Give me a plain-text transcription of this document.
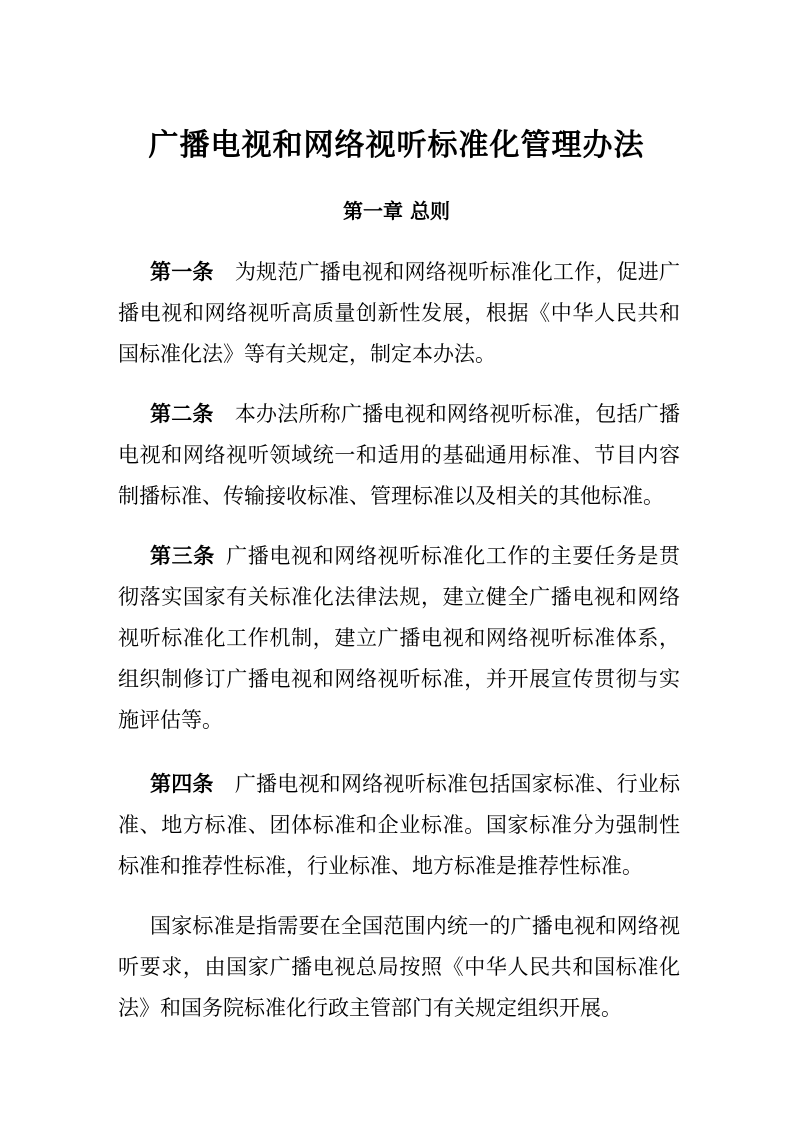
广播电视和网络视听标准化管理办法
第一章 总则

第一条  为规范广播电视和网络视听标准化工作，促进广播电视和网络视听高质量创新性发展，根据《中华人民共和国标准化法》等有关规定，制定本办法。

第二条  本办法所称广播电视和网络视听标准，包括广播电视和网络视听领域统一和适用的基础通用标准、节目内容制播标准、传输接收标准、管理标准以及相关的其他标准。

第三条  广播电视和网络视听标准化工作的主要任务是贯彻落实国家有关标准化法律法规，建立健全广播电视和网络视听标准化工作机制，建立广播电视和网络视听标准体系，组织制修订广播电视和网络视听标准，并开展宣传贯彻与实施评估等。

第四条  广播电视和网络视听标准包括国家标准、行业标准、地方标准、团体标准和企业标准。国家标准分为强制性标准和推荐性标准，行业标准、地方标准是推荐性标准。

国家标准是指需要在全国范围内统一的广播电视和网络视听要求，由国家广播电视总局按照《中华人民共和国标准化法》和国务院标准化行政主管部门有关规定组织开展。
